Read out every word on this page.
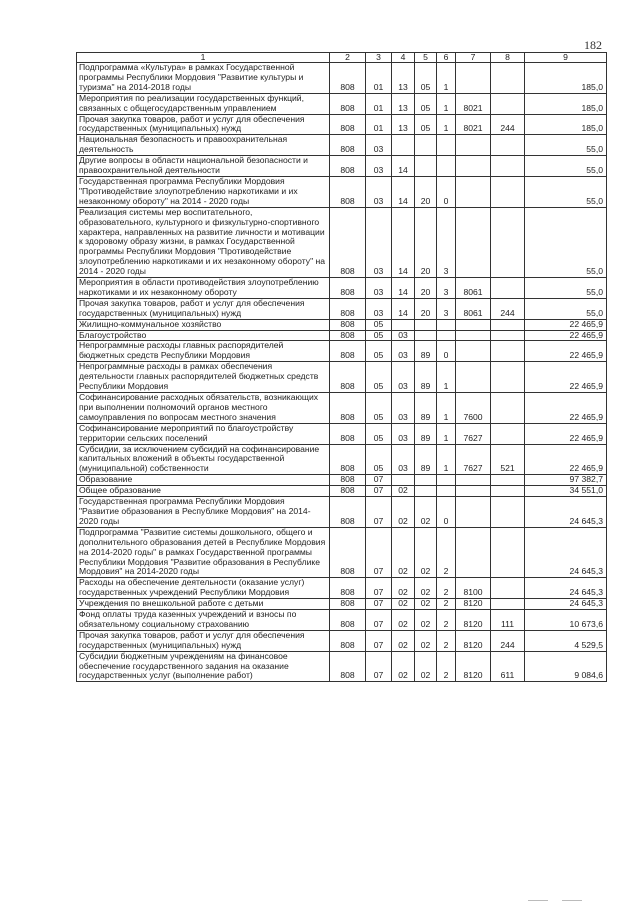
182
1	2	3	4	5	6	7	8	9
Подпрограмма «Культура» в рамках Государственной программы Республики Мордовия "Развитие культуры и туризма" на 2014-2018 годы	808	01	13	05	1			185,0
Мероприятия по реализации государственных функций, связанных с общегосударственным управлением	808	01	13	05	1	8021		185,0
Прочая закупка товаров, работ и услуг для обеспечения государственных (муниципальных) нужд	808	01	13	05	1	8021	244	185,0
Национальная безопасность и правоохранительная деятельность	808	03						55,0
Другие вопросы в области национальной безопасности и правоохранительной деятельности	808	03	14					55,0
Государственная программа Республики Мордовия "Противодействие злоупотреблению наркотиками и их незаконному обороту" на 2014 - 2020 годы	808	03	14	20	0			55,0
Реализация системы мер воспитательного, образовательного, культурного и физкультурно-спортивного характера, направленных на развитие личности и мотивации к здоровому образу жизни, в рамках Государственной программы Республики Мордовия "Противодействие злоупотреблению наркотиками и их незаконному обороту" на 2014 - 2020 годы	808	03	14	20	3			55,0
Мероприятия в области противодействия злоупотреблению наркотиками и их незаконному обороту	808	03	14	20	3	8061		55,0
Прочая закупка товаров, работ и услуг для обеспечения государственных (муниципальных) нужд	808	03	14	20	3	8061	244	55,0
Жилищно-коммунальное хозяйство	808	05						22 465,9
Благоустройство	808	05	03					22 465,9
Непрограммные расходы главных распорядителей бюджетных средств Республики Мордовия	808	05	03	89	0			22 465,9
Непрограммные расходы в рамках обеспечения деятельности главных распорядителей бюджетных средств Республики Мордовия	808	05	03	89	1			22 465,9
Софинансирование расходных обязательств, возникающих при выполнении полномочий органов местного самоуправления по вопросам местного значения	808	05	03	89	1	7600		22 465,9
Софинансирование мероприятий по благоустройству территории сельских поселений	808	05	03	89	1	7627		22 465,9
Субсидии, за исключением субсидий на софинансирование капитальных вложений в объекты государственной (муниципальной) собственности	808	05	03	89	1	7627	521	22 465,9
Образование	808	07						97 382,7
Общее образование	808	07	02					34 551,0
Государственная программа Республики Мордовия "Развитие образования в Республике Мордовия" на 2014-2020 годы	808	07	02	02	0			24 645,3
Подпрограмма "Развитие системы дошкольного, общего и дополнительного образования детей в Республике Мордовия на 2014-2020 годы" в рамках Государственной программы Республики Мордовия "Развитие образования в Республике Мордовия" на 2014-2020 годы	808	07	02	02	2			24 645,3
Расходы на обеспечение деятельности (оказание услуг) государственных учреждений Республики Мордовия	808	07	02	02	2	8100		24 645,3
Учреждения по внешкольной работе с детьми	808	07	02	02	2	8120		24 645,3
Фонд оплаты труда казенных учреждений и взносы по обязательному социальному страхованию	808	07	02	02	2	8120	111	10 673,6
Прочая закупка товаров, работ и услуг для обеспечения государственных (муниципальных) нужд	808	07	02	02	2	8120	244	4 529,5
Субсидии бюджетным учреждениям на финансовое обеспечение государственного задания на оказание государственных услуг (выполнение работ)	808	07	02	02	2	8120	611	9 084,6
